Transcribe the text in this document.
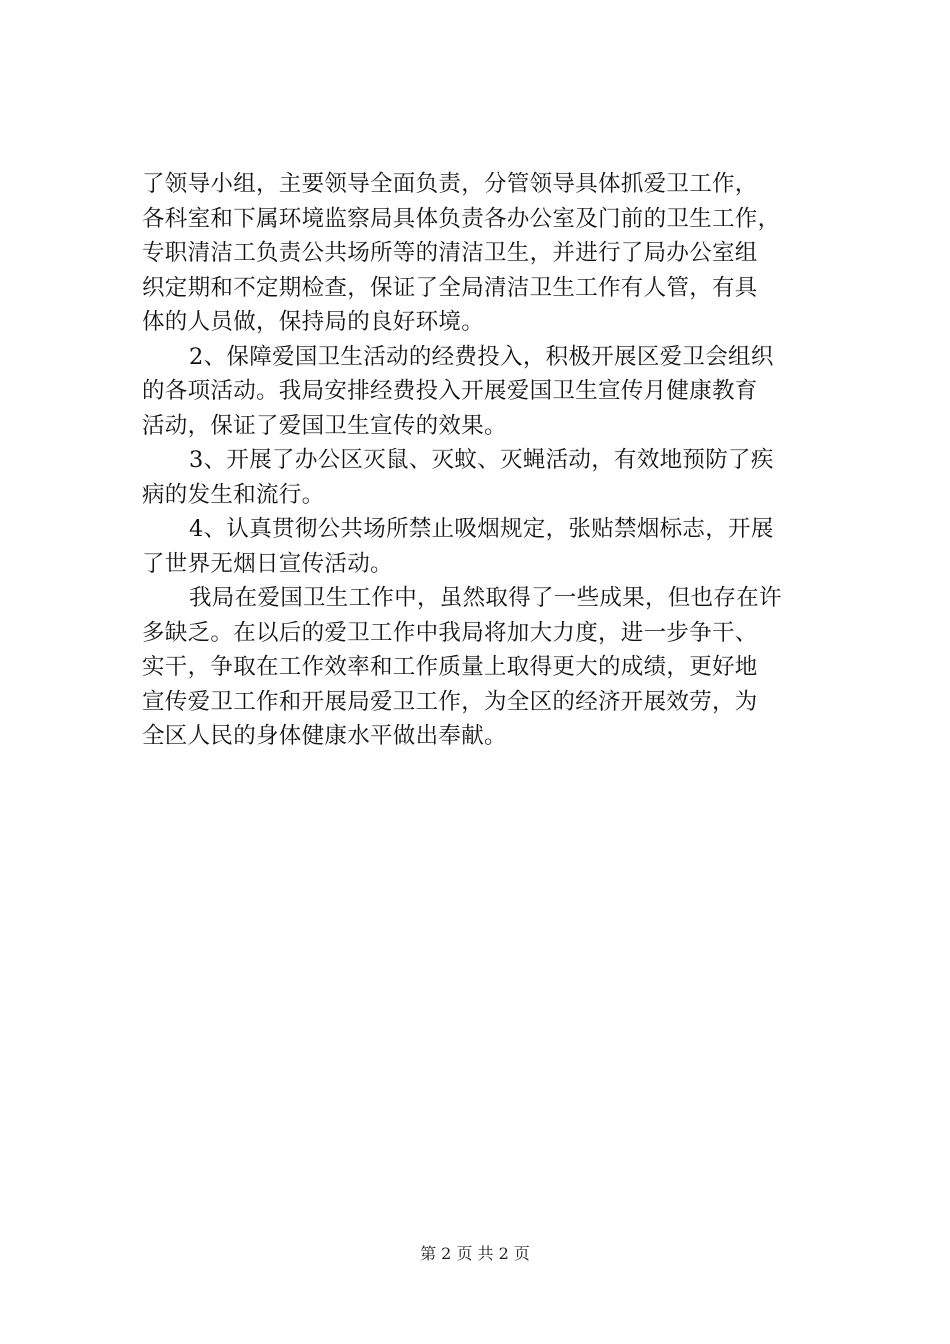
了领导小组，主要领导全面负责，分管领导具体抓爱卫工作，
各科室和下属环境监察局具体负责各办公室及门前的卫生工作，
专职清洁工负责公共场所等的清洁卫生，并进行了局办公室组
织定期和不定期检查，保证了全局清洁卫生工作有人管，有具
体的人员做，保持局的良好环境。
2、保障爱国卫生活动的经费投入，积极开展区爱卫会组织
的各项活动。我局安排经费投入开展爱国卫生宣传月健康教育
活动，保证了爱国卫生宣传的效果。
3、开展了办公区灭鼠、灭蚊、灭蝇活动，有效地预防了疾
病的发生和流行。
4、认真贯彻公共场所禁止吸烟规定，张贴禁烟标志，开展
了世界无烟日宣传活动。
我局在爱国卫生工作中，虽然取得了一些成果，但也存在许
多缺乏。在以后的爱卫工作中我局将加大力度，进一步争干、
实干，争取在工作效率和工作质量上取得更大的成绩，更好地
宣传爱卫工作和开展局爱卫工作，为全区的经济开展效劳，为
全区人民的身体健康水平做出奉献。
第 2 页 共 2 页
